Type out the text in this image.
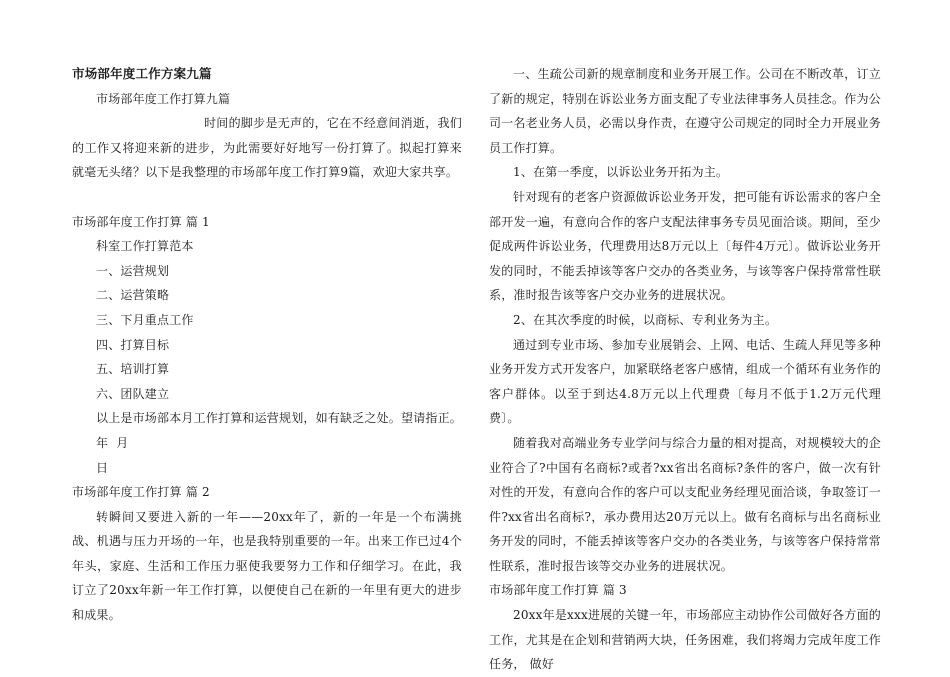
市场部年度工作方案九篇

市场部年度工作打算九篇

时间的脚步是无声的，它在不经意间消逝，我们的工作又将迎来新的进步，为此需要好好地写一份打算了。拟起打算来就毫无头绪？以下是我整理的市场部年度工作打算9篇，欢迎大家共享。

市场部年度工作打算 篇 1

科室工作打算范本

一、运营规划

二、运营策略

三、下月重点工作

四、打算目标

五、培训打算

六、团队建立

以上是市场部本月工作打算和运营规划，如有缺乏之处。望请指正。

年  月

日

市场部年度工作打算 篇 2

转瞬间又要进入新的一年——20xx年了，新的一年是一个布满挑战、机遇与压力开场的一年，也是我特别重要的一年。出来工作已过4个年头，家庭、生活和工作压力驱使我要努力工作和仔细学习。在此，我订立了20xx年新一年工作打算，以便使自己在新的一年里有更大的进步和成果。

一、生疏公司新的规章制度和业务开展工作。公司在不断改革，订立了新的规定，特别在诉讼业务方面支配了专业法律事务人员挂念。作为公司一名老业务人员，必需以身作责，在遵守公司规定的同时全力开展业务员工作打算。

1、在第一季度，以诉讼业务开拓为主。

针对现有的老客户资源做诉讼业务开发，把可能有诉讼需求的客户全部开发一遍，有意向合作的客户支配法律事务专员见面洽谈。期间，至少促成两件诉讼业务，代理费用达8万元以上〔每件4万元〕。做诉讼业务开发的同时，不能丢掉该等客户交办的各类业务，与该等客户保持常常性联系，准时报告该等客户交办业务的进展状况。

2、在其次季度的时候，以商标、专利业务为主。

通过到专业市场、参加专业展销会、上网、电话、生疏人拜见等多种业务开发方式开发客户，加紧联络老客户感情，组成一个循环有业务作的客户群体。以至于到达4.8万元以上代理费〔每月不低于1.2万元代理费〕。

随着我对高端业务专业学问与综合力量的相对提高，对规模较大的企业符合了?中国有名商标?或者?xx省出名商标?条件的客户，做一次有针对性的开发，有意向合作的客户可以支配业务经理见面洽谈，争取签订一件?xx省出名商标?，承办费用达20万元以上。做有名商标与出名商标业务开发的同时，不能丢掉该等客户交办的各类业务，与该等客户保持常常性联系，准时报告该等交办业务的进展状况。

市场部年度工作打算 篇 3

20xx年是xxx进展的关键一年，市场部应主动协作公司做好各方面的工作，尤其是在企划和营销两大块，任务困难，我们将竭力完成年度工作任务， 做好
